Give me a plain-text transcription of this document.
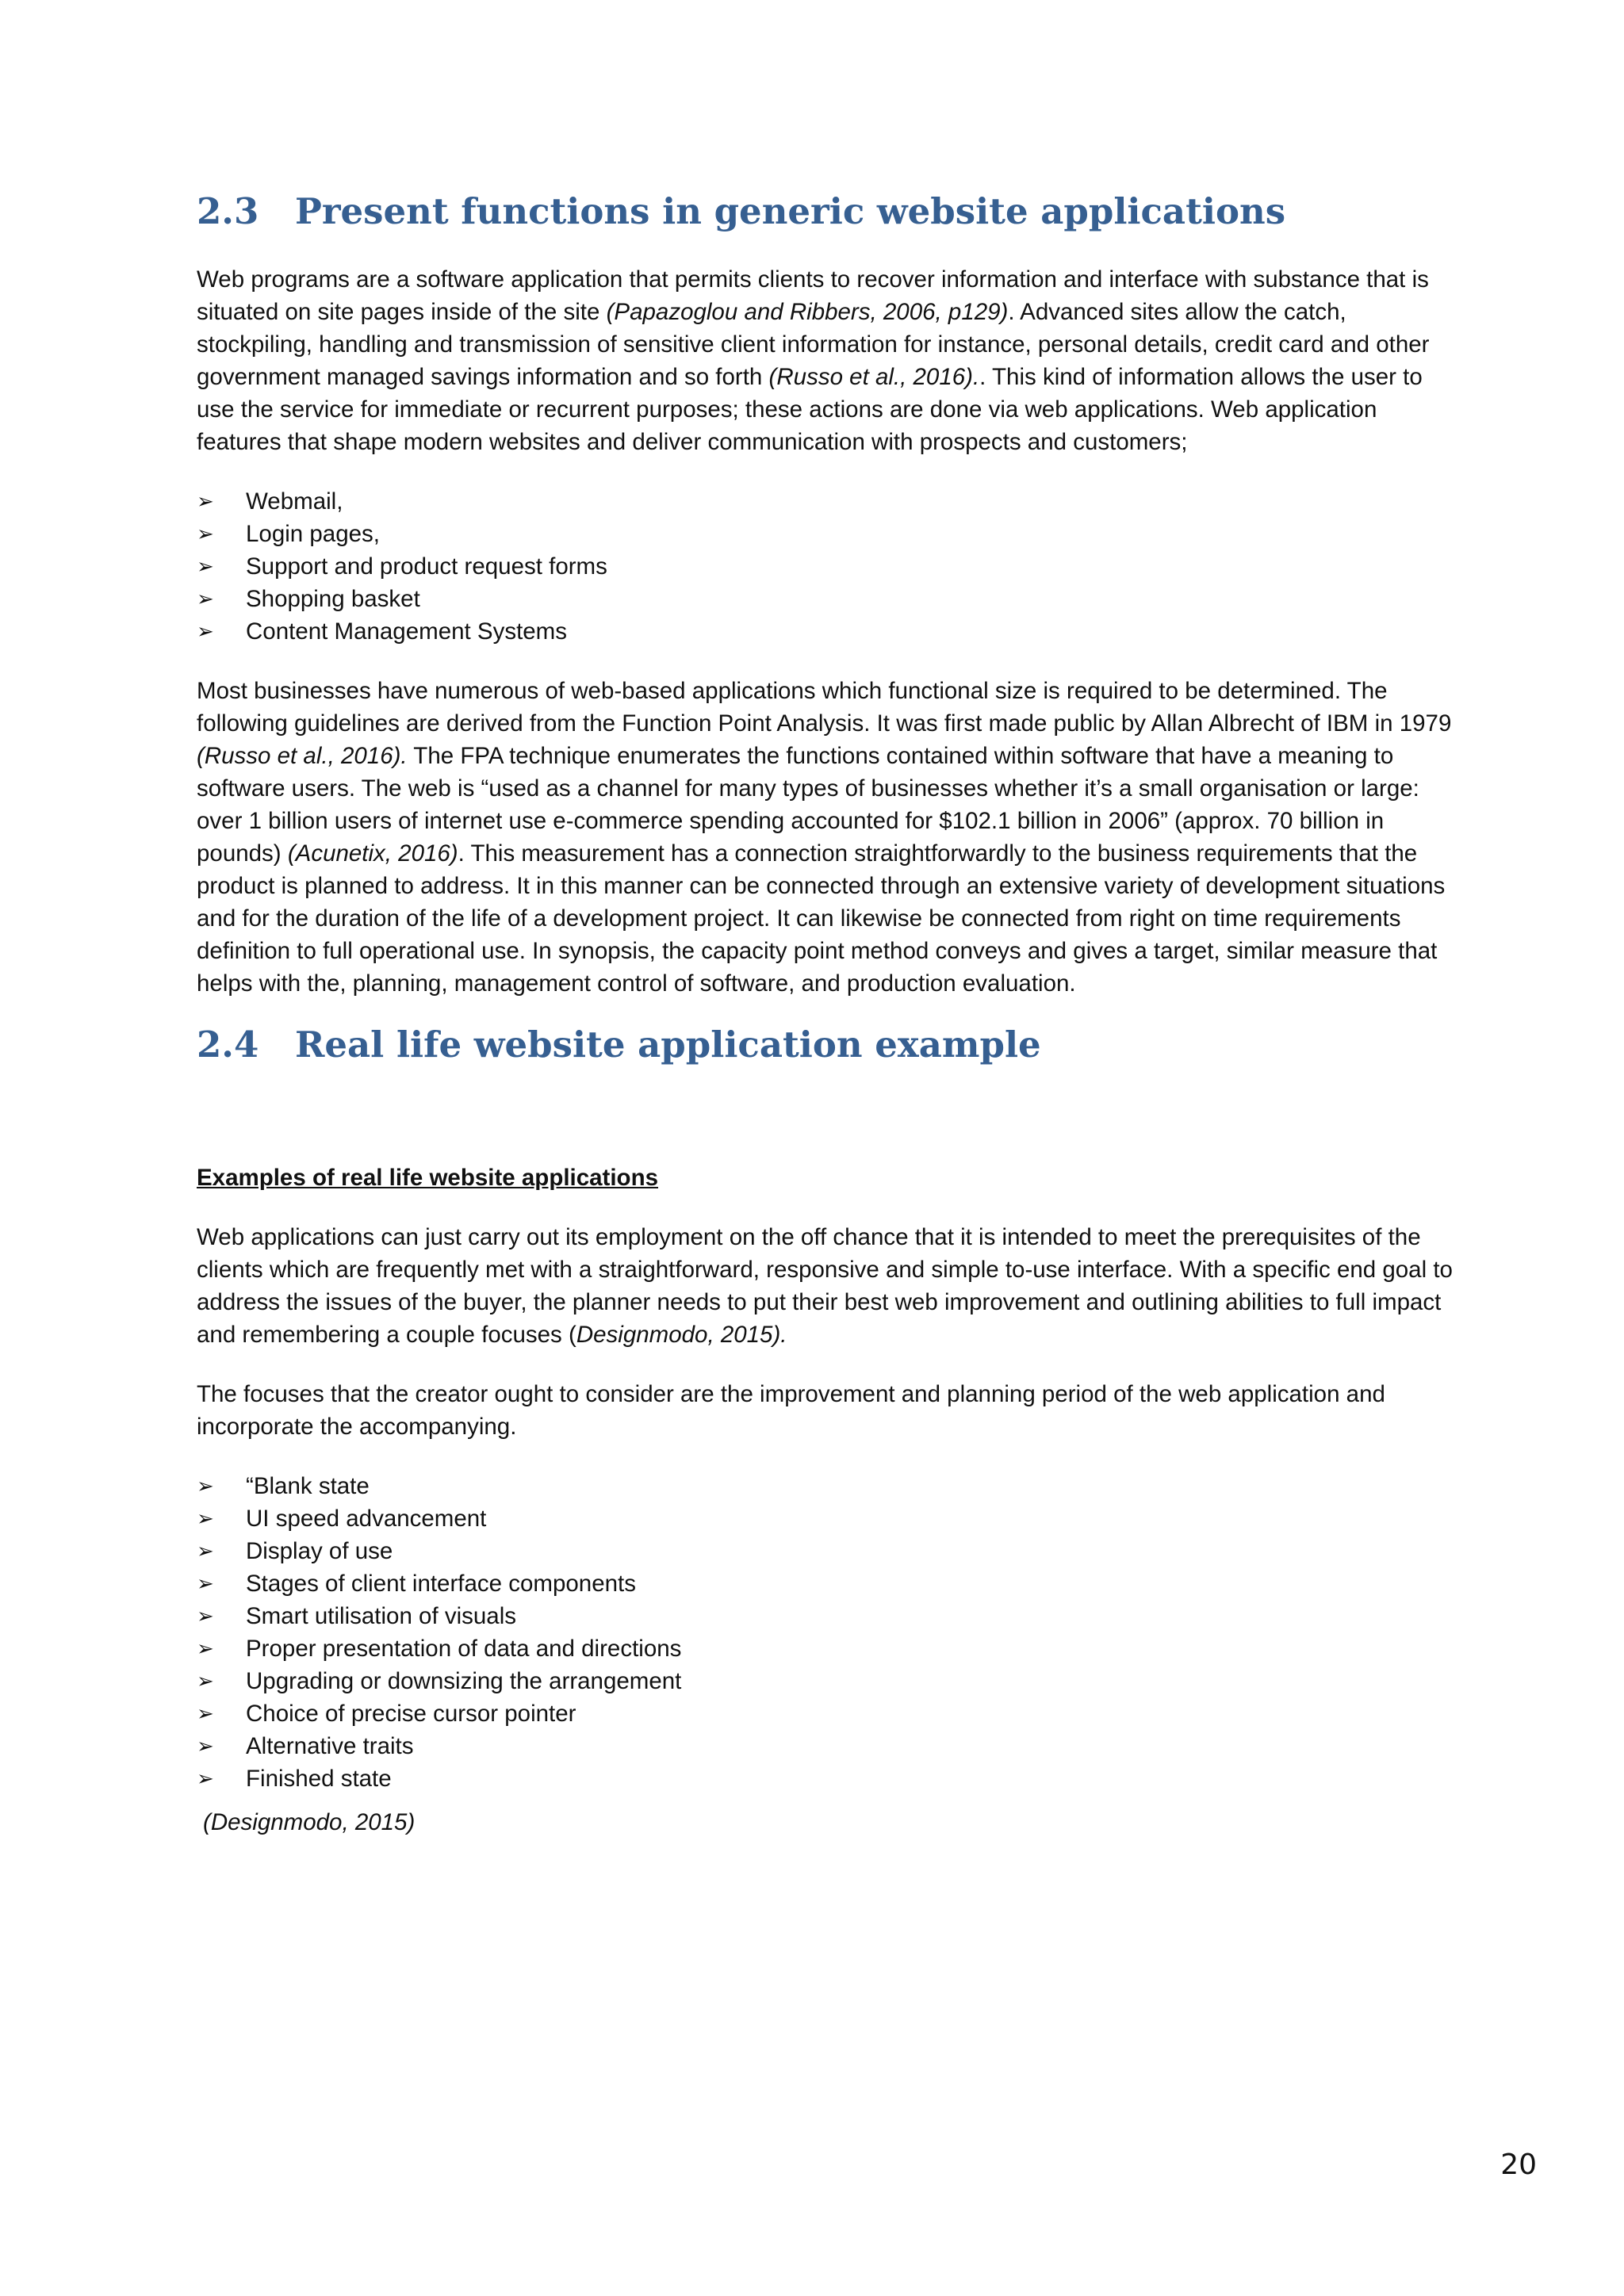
2.3	Present functions in generic website applications

Web programs are a software application that permits clients to recover information and interface with substance that is situated on site pages inside of the site (Papazoglou and Ribbers, 2006, p129). Advanced sites allow the catch, stockpiling, handling and transmission of sensitive client information for instance, personal details, credit card and other government managed savings information and so forth (Russo et al., 2016).. This kind of information allows the user to use the service for immediate or recurrent purposes; these actions are done via web applications. Web application features that shape modern websites and deliver communication with prospects and customers;

➢	Webmail,
➢	Login pages,
➢	Support and product request forms
➢	Shopping basket
➢	Content Management Systems

Most businesses have numerous of web-based applications which functional size is required to be determined. The following guidelines are derived from the Function Point Analysis. It was first made public by Allan Albrecht of IBM in 1979 (Russo et al., 2016). The FPA technique enumerates the functions contained within software that have a meaning to software users. The web is “used as a channel for many types of businesses whether it’s a small organisation or large: over 1 billion users of internet use e-commerce spending accounted for $102.1 billion in 2006” (approx. 70 billion in pounds) (Acunetix, 2016). This measurement has a connection straightforwardly to the business requirements that the product is planned to address. It in this manner can be connected through an extensive variety of development situations and for the duration of the life of a development project. It can likewise be connected from right on time requirements definition to full operational use. In synopsis, the capacity point method conveys and gives a target, similar measure that helps with the, planning, management control of software, and production evaluation.

2.4	Real life website application example

Examples of real life website applications

Web applications can just carry out its employment on the off chance that it is intended to meet the prerequisites of the clients which are frequently met with a straightforward, responsive and simple to-use interface. With a specific end goal to address the issues of the buyer, the planner needs to put their best web improvement and outlining abilities to full impact and remembering a couple focuses (Designmodo, 2015).

The focuses that the creator ought to consider are the improvement and planning period of the web application and incorporate the accompanying.

➢	“Blank state
➢	UI speed advancement
➢	Display of use
➢	Stages of client interface components
➢	Smart utilisation of visuals
➢	Proper presentation of data and directions
➢	Upgrading or downsizing the arrangement
➢	Choice of precise cursor pointer
➢	Alternative traits
➢	Finished state

(Designmodo, 2015)

20
